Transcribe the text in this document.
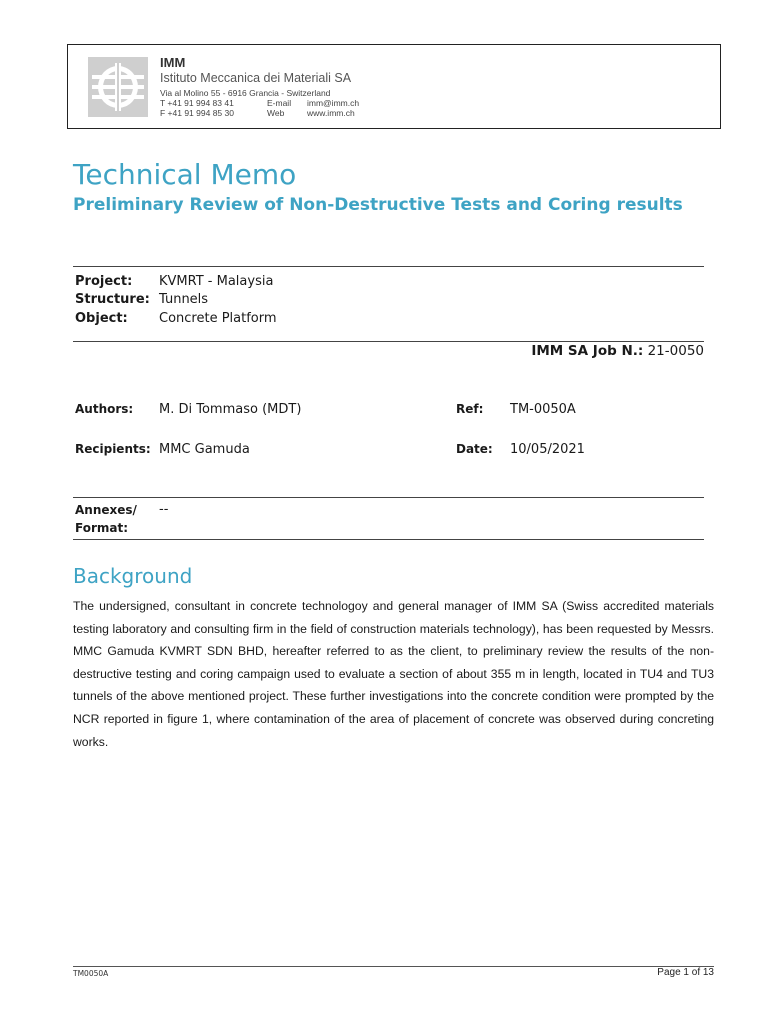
IMM
Istituto Meccanica dei Materiali SA
Via al Molino 55 - 6916 Grancia - Switzerland
T +41 91 994 83 41	E-mail	imm@imm.ch
F +41 91 994 85 30	Web	www.imm.ch
Technical Memo
Preliminary Review of Non-Destructive Tests and Coring results
Project: KVMRT - Malaysia
Structure: Tunnels
Object: Concrete Platform
IMM SA Job N.: 21-0050
Authors: M. Di Tommaso (MDT)	Ref: TM-0050A
Recipients: MMC Gamuda	Date: 10/05/2021
Annexes/
Format:
--
Background
The undersigned, consultant in concrete technologoy and general manager of IMM SA (Swiss accredited materials testing laboratory and consulting firm in the field of construction materials technology), has been requested by Messrs. MMC Gamuda KVMRT SDN BHD, hereafter referred to as the client, to preliminary review the results of the non-destructive testing and coring campaign used to evaluate a section of about 355 m in length, located in TU4 and TU3 tunnels of the above mentioned project. These further investigations into the concrete condition were prompted by the NCR reported in figure 1, where contamination of the area of placement of concrete was observed during concreting works.
TM0050A	Page 1 of 13
